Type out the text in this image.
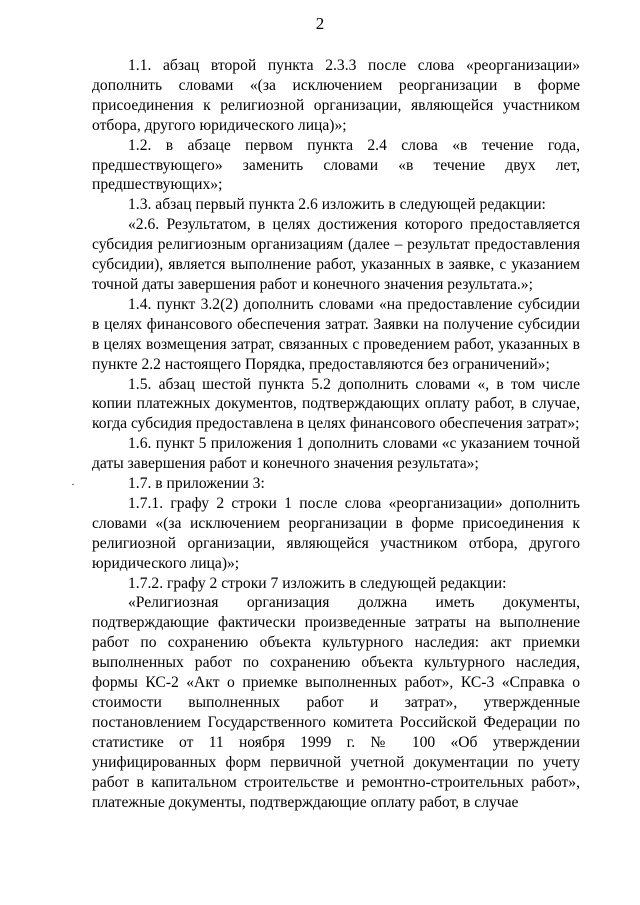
2

1.1. абзац второй пункта 2.3.3 после слова «реорганизации» дополнить словами «(за исключением реорганизации в форме присоединения к религиозной организации, являющейся участником отбора, другого юридического лица)»;

1.2. в абзаце первом пункта 2.4 слова «в течение года, предшествующего» заменить словами «в течение двух лет, предшествующих»;

1.3. абзац первый пункта 2.6 изложить в следующей редакции:

«2.6. Результатом, в целях достижения которого предоставляется субсидия религиозным организациям (далее – результат предоставления субсидии), является выполнение работ, указанных в заявке, с указанием точной даты завершения работ и конечного значения результата.»;

1.4. пункт 3.2(2) дополнить словами «на предоставление субсидии в целях финансового обеспечения затрат. Заявки на получение субсидии в целях возмещения затрат, связанных с проведением работ, указанных в пункте 2.2 настоящего Порядка, предоставляются без ограничений»;

1.5. абзац шестой пункта 5.2 дополнить словами «, в том числе копии платежных документов, подтверждающих оплату работ, в случае, когда субсидия предоставлена в целях финансового обеспечения затрат»;

1.6. пункт 5 приложения 1 дополнить словами «с указанием точной даты завершения работ и конечного значения результата»;

1.7. в приложении 3:

1.7.1. графу 2 строки 1 после слова «реорганизации» дополнить словами «(за исключением реорганизации в форме присоединения к религиозной организации, являющейся участником отбора, другого юридического лица)»;

1.7.2. графу 2 строки 7 изложить в следующей редакции:

«Религиозная организация должна иметь документы, подтверждающие фактически произведенные затраты на выполнение работ по сохранению объекта культурного наследия: акт приемки выполненных работ по сохранению объекта культурного наследия, формы КС-2 «Акт о приемке выполненных работ», КС-3 «Справка о стоимости выполненных работ и затрат», утвержденные постановлением Государственного комитета Российской Федерации по статистике от 11 ноября 1999 г. № 100 «Об утверждении унифицированных форм первичной учетной документации по учету работ в капитальном строительстве и ремонтно-строительных работ», платежные документы, подтверждающие оплату работ, в случае
